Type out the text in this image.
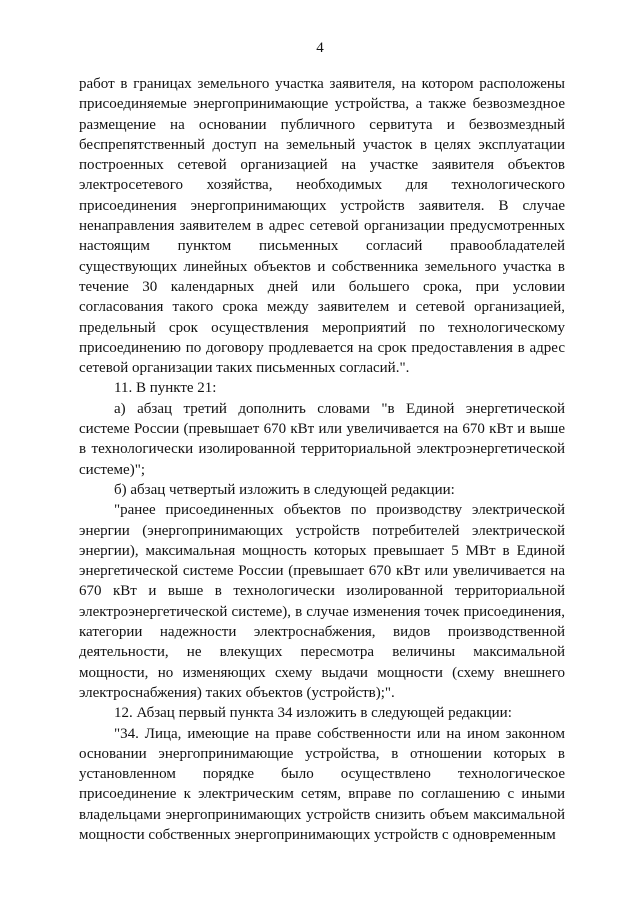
4

работ в границах земельного участка заявителя, на котором расположены присоединяемые энергопринимающие устройства, а также безвозмездное размещение на основании публичного сервитута и безвозмездный беспрепятственный доступ на земельный участок в целях эксплуатации построенных сетевой организацией на участке заявителя объектов электросетевого хозяйства, необходимых для технологического присоединения энергопринимающих устройств заявителя. В случае ненаправления заявителем в адрес сетевой организации предусмотренных настоящим пунктом письменных согласий правообладателей существующих линейных объектов и собственника земельного участка в течение 30 календарных дней или большего срока, при условии согласования такого срока между заявителем и сетевой организацией, предельный срок осуществления мероприятий по технологическому присоединению по договору продлевается на срок предоставления в адрес сетевой организации таких письменных согласий.".

11. В пункте 21:

а) абзац третий дополнить словами "в Единой энергетической системе России (превышает 670 кВт или увеличивается на 670 кВт и выше в технологически изолированной территориальной электроэнергетической системе)";

б) абзац четвертый изложить в следующей редакции:

"ранее присоединенных объектов по производству электрической энергии (энергопринимающих устройств потребителей электрической энергии), максимальная мощность которых превышает 5 МВт в Единой энергетической системе России (превышает 670 кВт или увеличивается на 670 кВт и выше в технологически изолированной территориальной электроэнергетической системе), в случае изменения точек присоединения, категории надежности электроснабжения, видов производственной деятельности, не влекущих пересмотра величины максимальной мощности, но изменяющих схему выдачи мощности (схему внешнего электроснабжения) таких объектов (устройств);".

12. Абзац первый пункта 34 изложить в следующей редакции:

"34. Лица, имеющие на праве собственности или на ином законном основании энергопринимающие устройства, в отношении которых в установленном порядке было осуществлено технологическое присоединение к электрическим сетям, вправе по соглашению с иными владельцами энергопринимающих устройств снизить объем максимальной мощности собственных энергопринимающих устройств с одновременным
